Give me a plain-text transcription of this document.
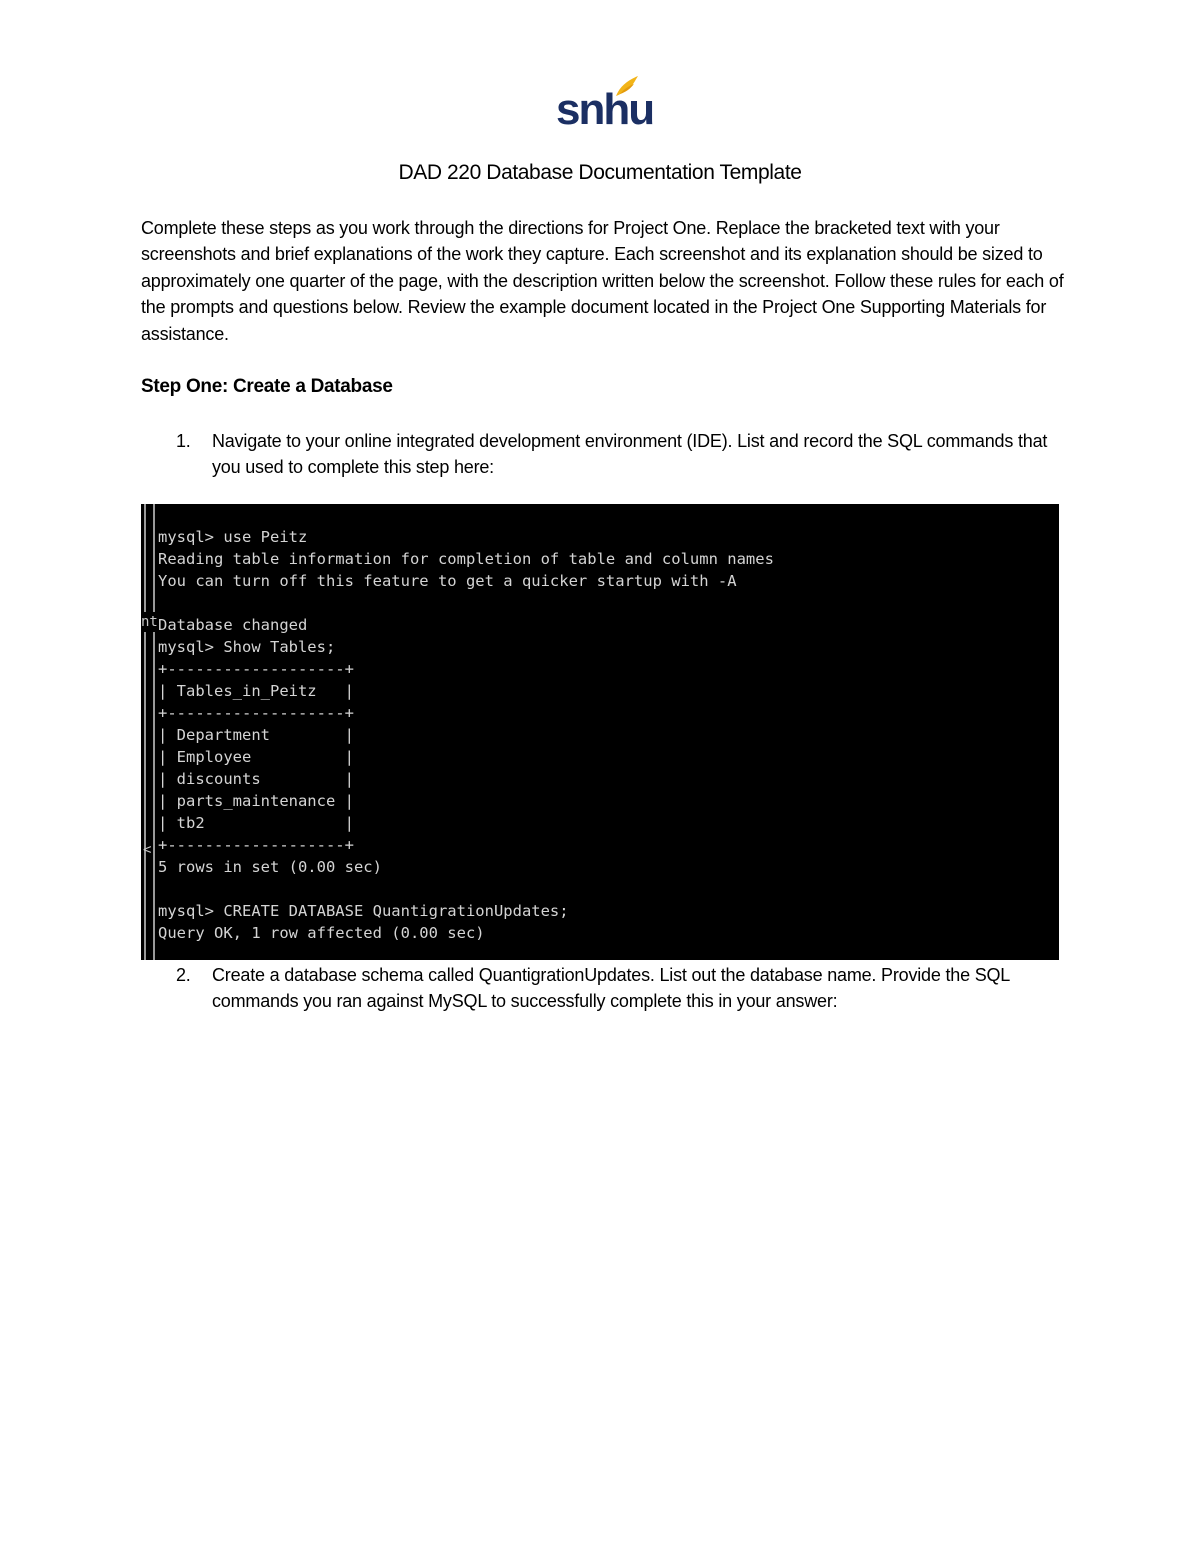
snhu
DAD 220 Database Documentation Template

Complete these steps as you work through the directions for Project One. Replace the bracketed text with your screenshots and brief explanations of the work they capture. Each screenshot and its explanation should be sized to approximately one quarter of the page, with the description written below the screenshot. Follow these rules for each of the prompts and questions below. Review the example document located in the Project One Supporting Materials for assistance.

Step One: Create a Database
1. Navigate to your online integrated development environment (IDE). List and record the SQL commands that you used to complete this step here:
nt
<
mysql> use Peitz
Reading table information for completion of table and column names
You can turn off this feature to get a quicker startup with -A

Database changed
mysql> Show Tables;
+-------------------+
| Tables_in_Peitz   |
+-------------------+
| Department        |
| Employee          |
| discounts         |
| parts_maintenance |
| tb2               |
+-------------------+
5 rows in set (0.00 sec)

mysql> CREATE DATABASE QuantigrationUpdates;
Query OK, 1 row affected (0.00 sec)
2. Create a database schema called QuantigrationUpdates. List out the database name. Provide the SQL commands you ran against MySQL to successfully complete this in your answer:
